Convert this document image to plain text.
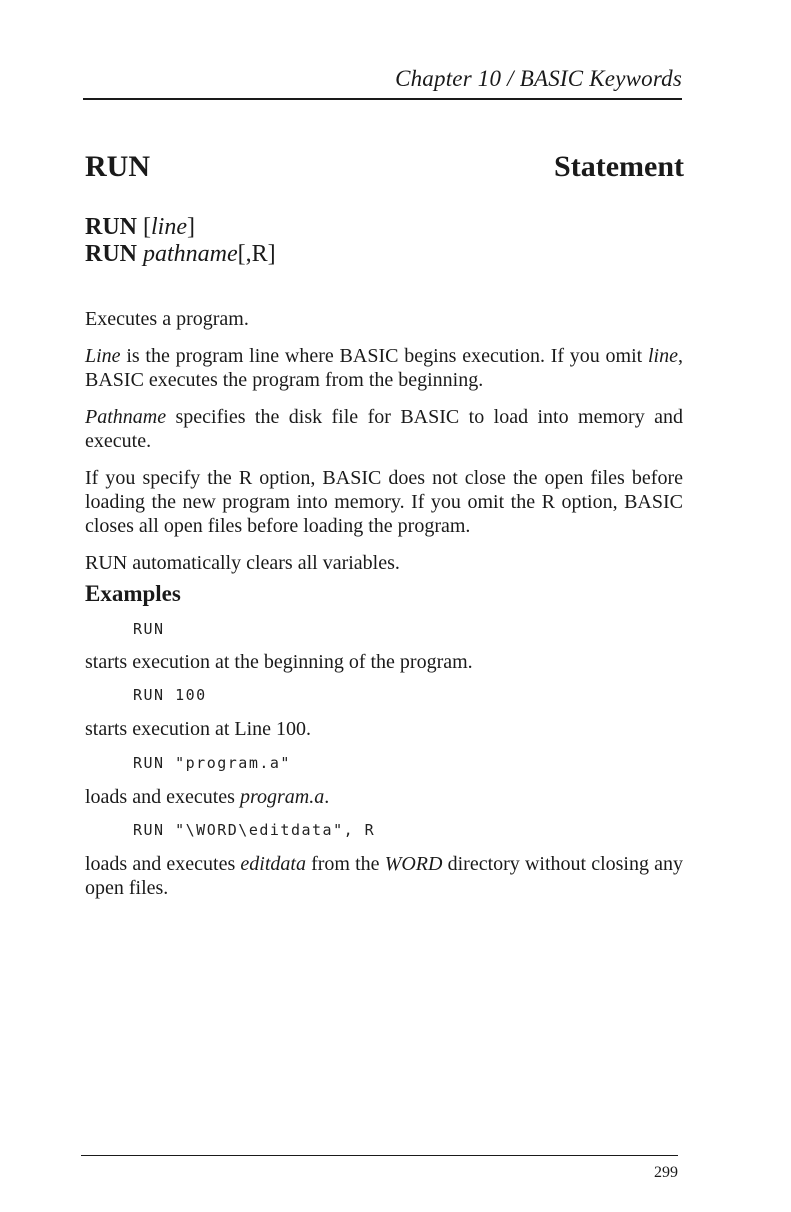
Chapter 10 / BASIC Keywords
RUN	Statement
RUN [line]
RUN pathname[,R]

Executes a program.

Line is the program line where BASIC begins execution. If you omit line, BASIC executes the program from the beginning.

Pathname specifies the disk file for BASIC to load into memory and execute.

If you specify the R option, BASIC does not close the open files before loading the new program into memory. If you omit the R option, BASIC closes all open files before loading the program.

RUN automatically clears all variables.

Examples
RUN
starts execution at the beginning of the program.
RUN 100
starts execution at Line 100.
RUN "program.a"
loads and executes program.a.
RUN "\WORD\editdata", R
loads and executes editdata from the WORD directory without closing any open files.
299
